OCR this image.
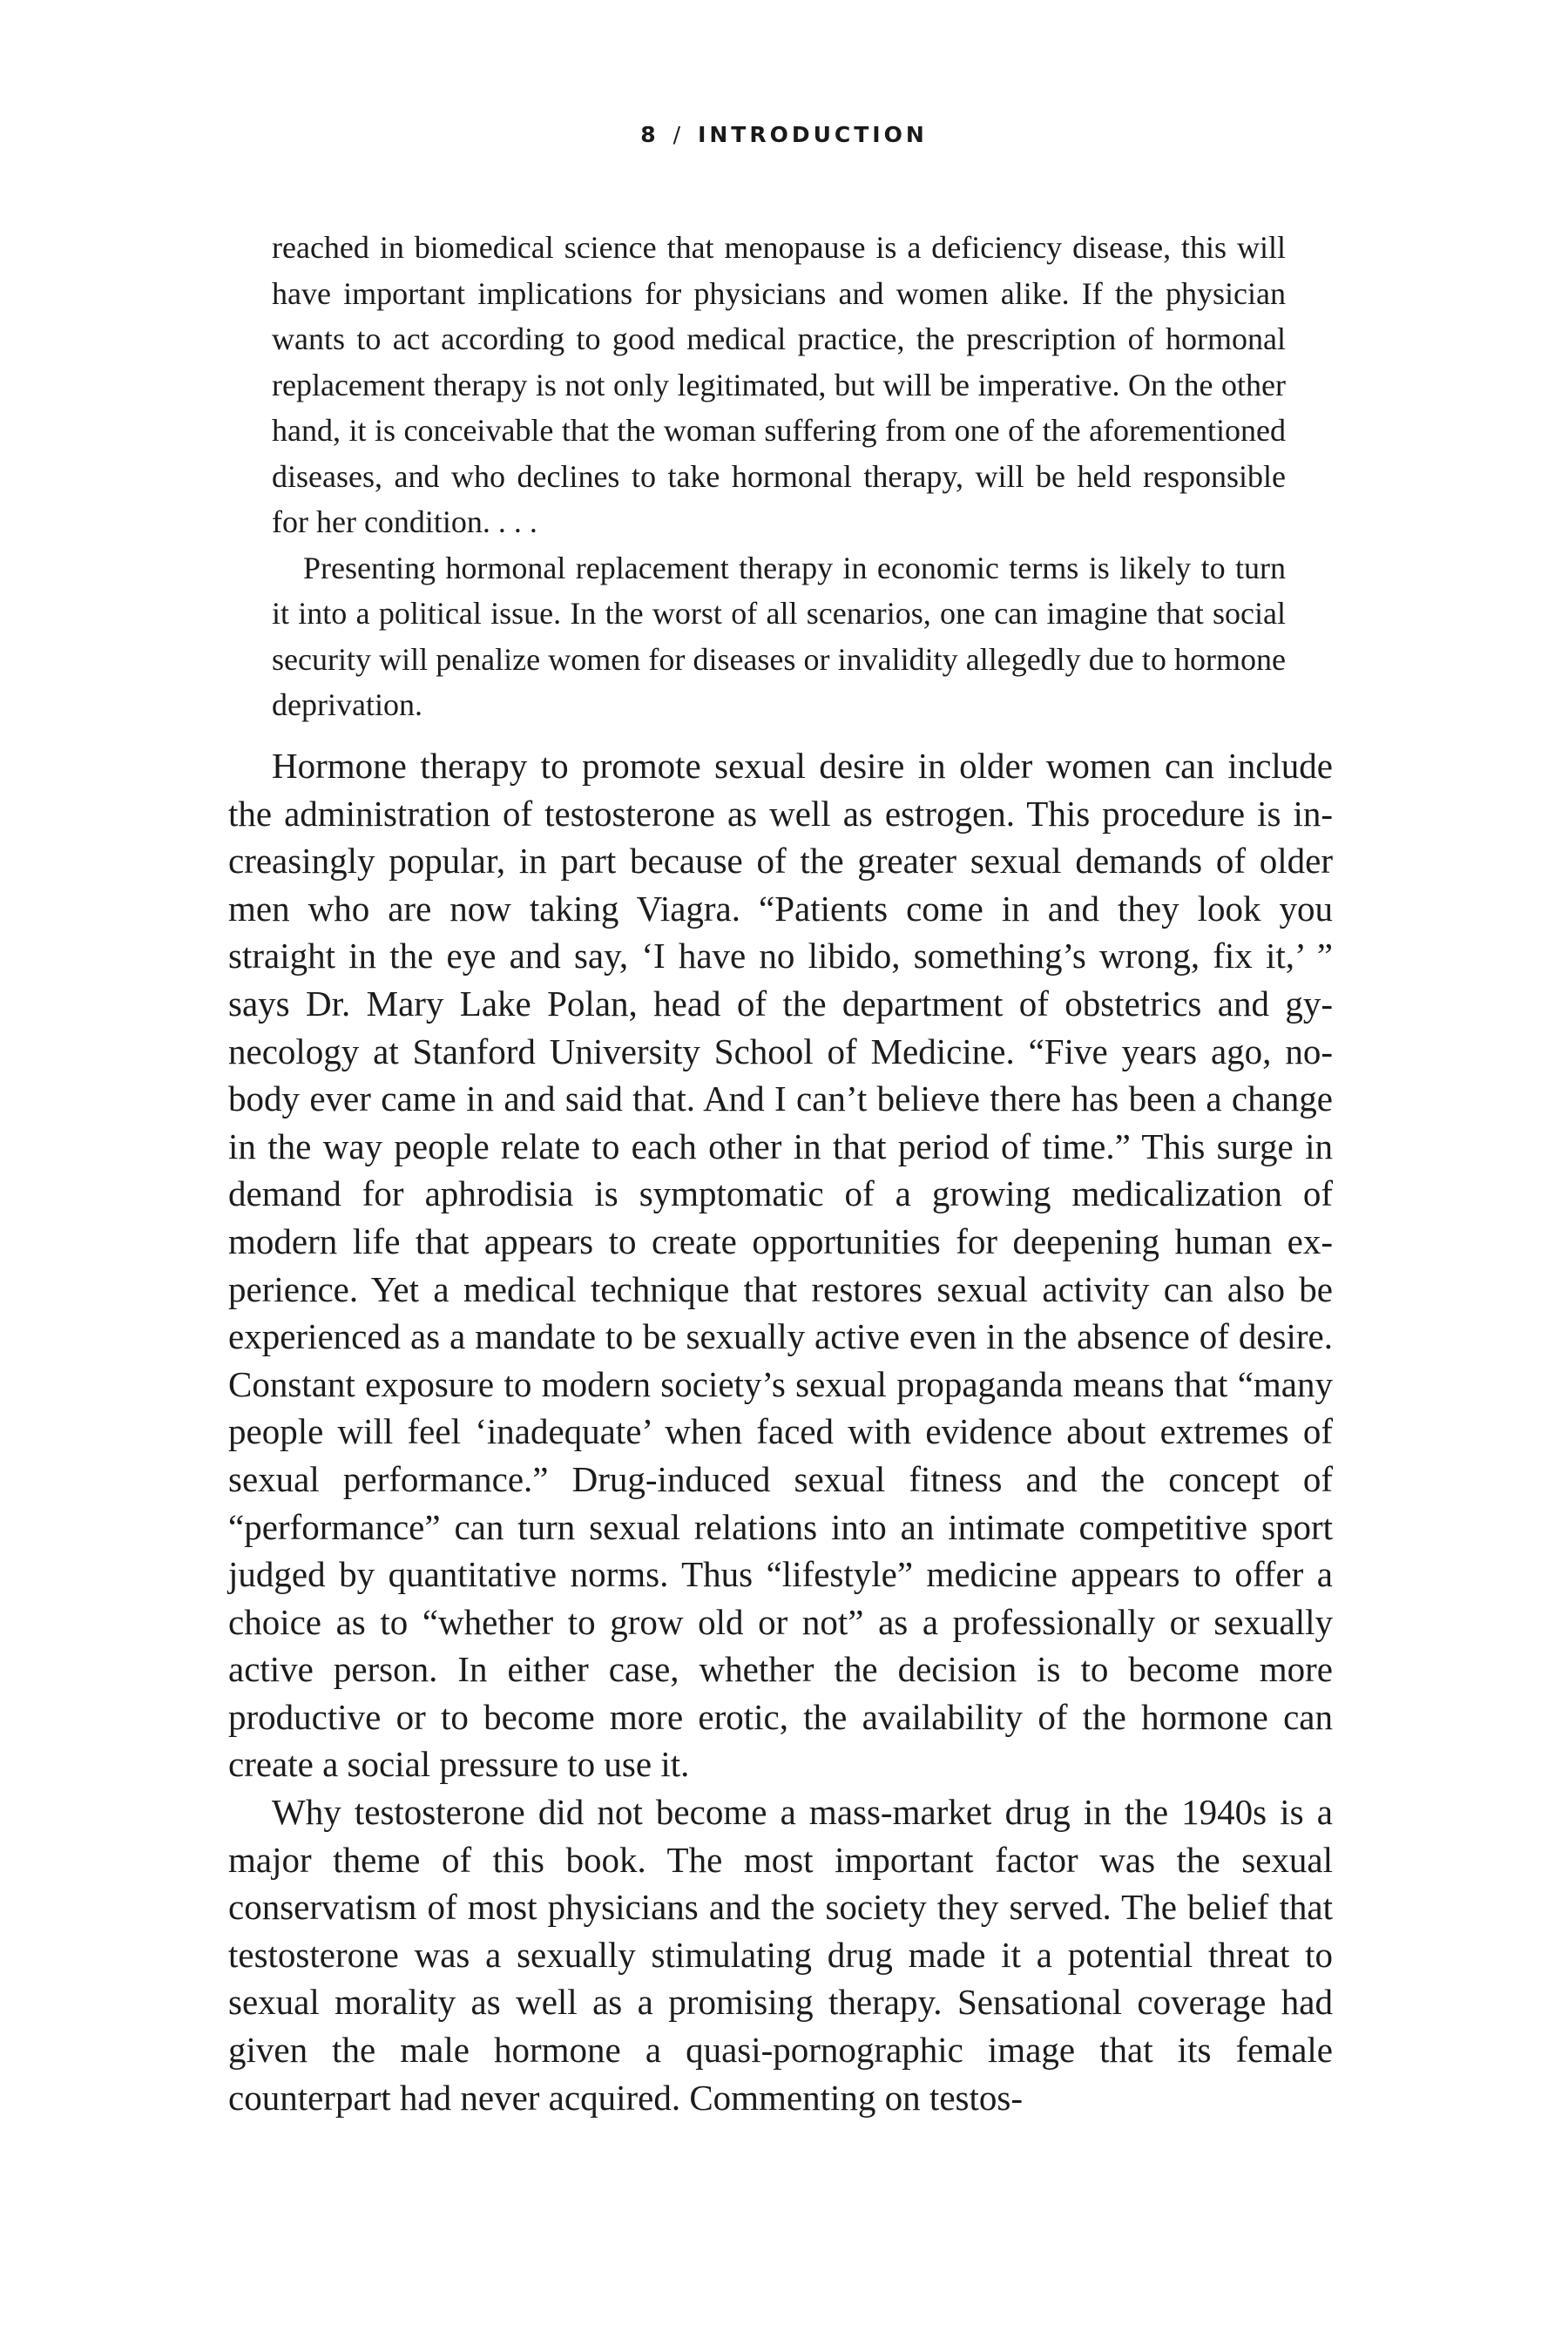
8 / INTRODUCTION

reached in biomedical science that menopause is a deficiency disease, this will have important implications for physicians and women alike. If the physician wants to act according to good medical practice, the prescription of hormonal replacement therapy is not only legitimated, but will be imperative. On the other hand, it is conceivable that the woman suffering from one of the aforementioned diseases, and who declines to take hormonal therapy, will be held responsible for her condition. . . .

Presenting hormonal replacement therapy in economic terms is likely to turn it into a political issue. In the worst of all scenarios, one can imagine that social security will penalize women for diseases or invalidity allegedly due to hormone deprivation.

Hormone therapy to promote sexual desire in older women can include the administration of testosterone as well as estrogen. This procedure is increasingly popular, in part because of the greater sexual demands of older men who are now taking Viagra. “Patients come in and they look you straight in the eye and say, ‘I have no libido, something’s wrong, fix it,’ ” says Dr. Mary Lake Polan, head of the department of obstetrics and gynecology at Stanford University School of Medicine. “Five years ago, nobody ever came in and said that. And I can’t believe there has been a change in the way people relate to each other in that period of time.” This surge in demand for aphrodisia is symptomatic of a growing medicalization of modern life that appears to create opportunities for deepening human experience. Yet a medical technique that restores sexual activity can also be experienced as a mandate to be sexually active even in the absence of desire. Constant exposure to modern society’s sexual propaganda means that “many people will feel ‘inadequate’ when faced with evidence about extremes of sexual performance.” Drug-induced sexual fitness and the concept of “performance” can turn sexual relations into an intimate competitive sport judged by quantitative norms. Thus “lifestyle” medicine appears to offer a choice as to “whether to grow old or not” as a professionally or sexually active person. In either case, whether the decision is to become more productive or to become more erotic, the availability of the hormone can create a social pressure to use it.

Why testosterone did not become a mass-market drug in the 1940s is a major theme of this book. The most important factor was the sexual conservatism of most physicians and the society they served. The belief that testosterone was a sexually stimulating drug made it a potential threat to sexual morality as well as a promising therapy. Sensational coverage had given the male hormone a quasi-pornographic image that its female counterpart had never acquired. Commenting on testos-
